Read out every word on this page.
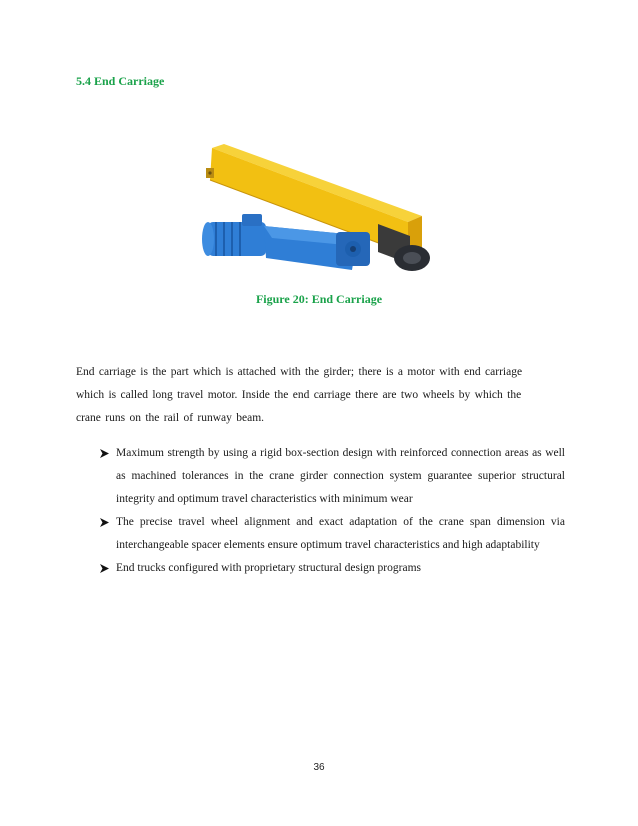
5.4 End Carriage
Figure 20: End Carriage
End carriage is the part which is attached with the girder; there is a motor with end carriage
which is called long travel motor. Inside the end carriage there are two wheels by which the
crane runs on the rail of runway beam.
Maximum strength by using a rigid box-section design with reinforced connection areas as well as machined tolerances in the crane girder connection system guarantee superior structural integrity and optimum travel characteristics with minimum wear
The precise travel wheel alignment and exact adaptation of the crane span dimension via interchangeable spacer elements ensure optimum travel characteristics and high adaptability
End trucks configured with proprietary structural design programs
36
